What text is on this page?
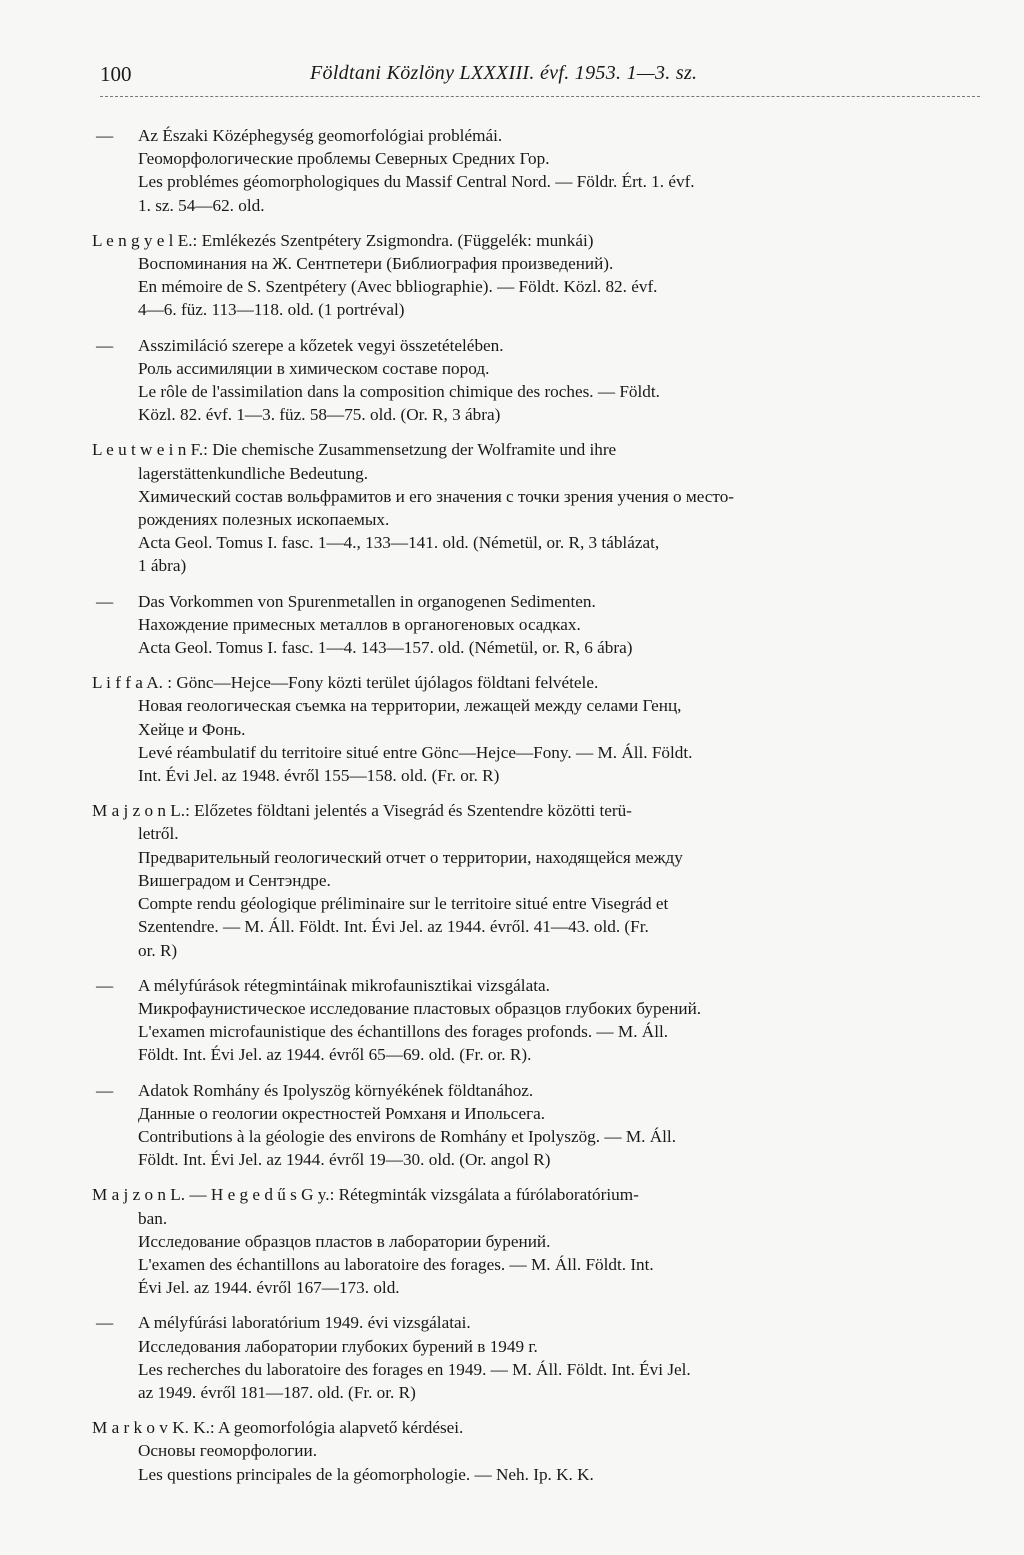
100	Földtani Közlöny LXXXIII. évf. 1953. 1—3. sz.

— Az Északi Középhegység geomorfológiai problémái.

Геоморфологические проблемы Северных Средних Гор.

Les problémes géomorphologiques du Massif Central Nord. — Földr. Ért. 1. évf.

1. sz. 54—62. old.

L e n g y e l E.: Emlékezés Szentpétery Zsigmondra. (Függelék: munkái)

Воспоминания на Ж. Сентпетери (Библиография произведений).

En mémoire de S. Szentpétery (Avec bbliographie). — Földt. Közl. 82. évf.

4—6. füz. 113—118. old. (1 portréval)

— Asszimiláció szerepe a kőzetek vegyi összetételében.

Роль ассимиляции в химическом составе пород.

Le rôle de l'assimilation dans la composition chimique des roches. — Földt.

Közl. 82. évf. 1—3. füz. 58—75. old. (Or. R, 3 ábra)

L e u t w e i n F.: Die chemische Zusammensetzung der Wolframite und ihre

lagerstättenkundliche Bedeutung.

Химический состав вольфрамитов и его значения с точки зрения учения о место-

рождениях полезных ископаемых.

Acta Geol. Tomus I. fasc. 1—4., 133—141. old. (Németül, or. R, 3 táblázat,

1 ábra)

— Das Vorkommen von Spurenmetallen in organogenen Sedimenten.

Нахождение примесных металлов в органогеновых осадках.

Acta Geol. Tomus I. fasc. 1—4. 143—157. old. (Németül, or. R, 6 ábra)

L i f f a A. : Gönc—Hejce—Fony közti terület újólagos földtani felvétele.

Новая геологическая съемка на территории, лежащей между селами Генц,

Хейце и Фонь.

Levé réambulatif du territoire situé entre Gönc—Hejce—Fony. — M. Áll. Földt.

Int. Évi Jel. az 1948. évről 155—158. old. (Fr. or. R)

M a j z o n L.: Előzetes földtani jelentés a Visegrád és Szentendre közötti terü-

letről.

Предварительный геологический отчет о территории, находящейся между

Вишеградом и Сентэндре.

Compte rendu géologique préliminaire sur le territoire situé entre Visegrád et

Szentendre. — M. Áll. Földt. Int. Évi Jel. az 1944. évről. 41—43. old. (Fr.

or. R)

— A mélyfúrások rétegmintáinak mikrofaunisztikai vizsgálata.

Микрофаунистическое исследование пластовых образцов глубоких бурений.

L'examen microfaunistique des échantillons des forages profonds. — M. Áll.

Földt. Int. Évi Jel. az 1944. évről 65—69. old. (Fr. or. R).

— Adatok Romhány és Ipolyszög környékének földtanához.

Данные о геологии окрестностей Ромханя и Ипольсега.

Contributions à la géologie des environs de Romhány et Ipolyszög. — M. Áll.

Földt. Int. Évi Jel. az 1944. évről 19—30. old. (Or. angol R)

M a j z o n L. — H e g e d ű s G y.: Rétegminták vizsgálata a fúrólaboratórium-

ban.

Исследование образцов пластов в лаборатории бурений.

L'examen des échantillons au laboratoire des forages. — M. Áll. Földt. Int.

Évi Jel. az 1944. évről 167—173. old.

— A mélyfúrási laboratórium 1949. évi vizsgálatai.

Исследования лаборатории глубоких бурений в 1949 г.

Les recherches du laboratoire des forages en 1949. — M. Áll. Földt. Int. Évi Jel.

az 1949. évről 181—187. old. (Fr. or. R)

M a r k o v K. K.: A geomorfológia alapvető kérdései.

Основы геоморфологии.

Les questions principales de la géomorphologie. — Neh. Ip. K. K.
